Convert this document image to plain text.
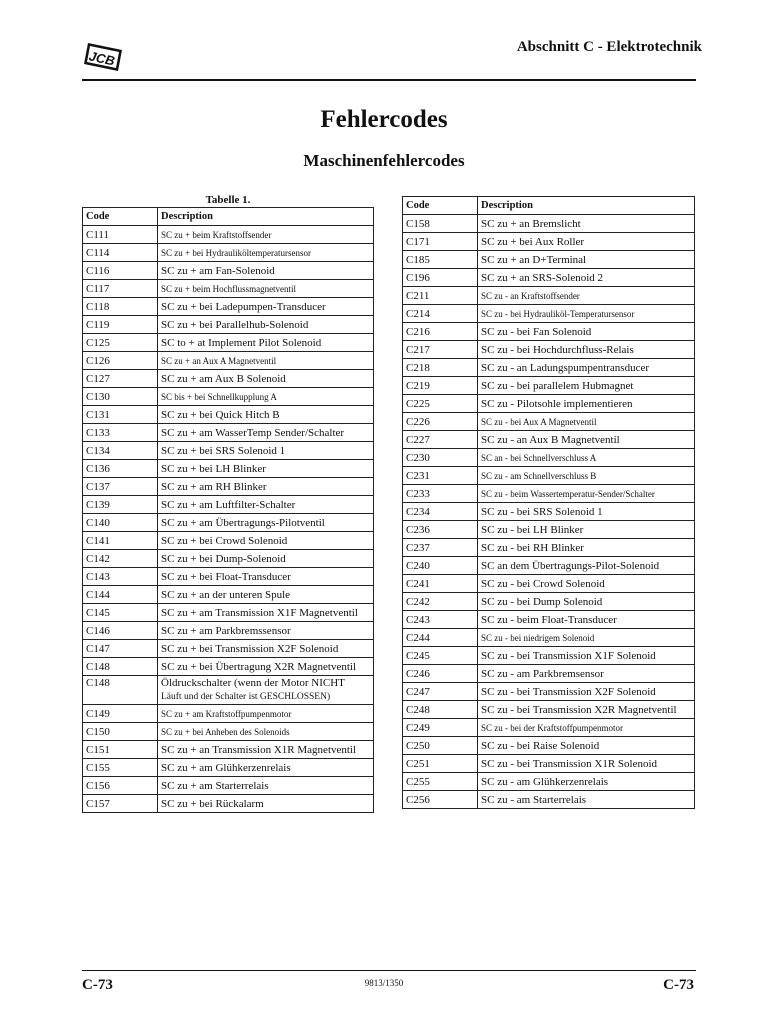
JCB
Abschnitt C - Elektrotechnik
Fehlercodes
Maschinenfehlercodes
Tabelle 1.
Code	Description
C111	SC zu + beim Kraftstoffsender
C114	SC zu + bei Hydrauliköltemperatursensor
C116	SC zu + am Fan-Solenoid
C117	SC zu + beim Hochflussmagnetventil
C118	SC zu + bei Ladepumpen-Transducer
C119	SC zu + bei Parallelhub-Solenoid
C125	SC to + at Implement Pilot Solenoid
C126	SC zu + an Aux A Magnetventil
C127	SC zu + am Aux B Solenoid
C130	SC bis + bei Schnellkupplung A
C131	SC zu + bei Quick Hitch B
C133	SC zu + am WasserTemp Sender/Schalter
C134	SC zu + bei SRS Solenoid 1
C136	SC zu + bei LH Blinker
C137	SC zu + am RH Blinker
C139	SC zu + am Luftfilter-Schalter
C140	SC zu + am Übertragungs-Pilotventil
C141	SC zu + bei Crowd Solenoid
C142	SC zu + bei Dump-Solenoid
C143	SC zu + bei Float-Transducer
C144	SC zu + an der unteren Spule
C145	SC zu + am Transmission X1F Magnetventil
C146	SC zu + am Parkbremssensor
C147	SC zu + bei Transmission X2F Solenoid
C148	SC zu + bei Übertragung X2R Magnetventil
C148	Öldruckschalter (wenn der Motor NICHT
Läuft und der Schalter ist GESCHLOSSEN)

C149	SC zu + am Kraftstoffpumpenmotor
C150	SC zu + bei Anheben des Solenoids
C151	SC zu + an Transmission X1R Magnetventil
C155	SC zu + am Glühkerzenrelais
C156	SC zu + am Starterrelais
C157	SC zu + bei Rückalarm
Code	Description
C158	SC zu + an Bremslicht
C171	SC zu + bei Aux Roller
C185	SC zu + an D+Terminal
C196	SC zu + an SRS-Solenoid 2
C211	SC zu - an Kraftstoffsender
C214	SC zu - bei Hydrauliköl-Temperatursensor
C216	SC zu - bei Fan Solenoid
C217	SC zu - bei Hochdurchfluss-Relais
C218	SC zu - an Ladungspumpentransducer
C219	SC zu - bei parallelem Hubmagnet
C225	SC zu - Pilotsohle implementieren
C226	SC zu - bei Aux A Magnetventil
C227	SC zu - an Aux B Magnetventil
C230	SC an - bei Schnellverschluss A
C231	SC zu - am Schnellverschluss B
C233	SC zu - beim Wassertemperatur-Sender/Schalter
C234	SC zu - bei SRS Solenoid 1
C236	SC zu - bei LH Blinker
C237	SC zu - bei RH Blinker
C240	SC an dem Übertragungs-Pilot-Solenoid
C241	SC zu - bei Crowd Solenoid
C242	SC zu - bei Dump Solenoid
C243	SC zu - beim Float-Transducer
C244	SC zu - bei niedrigem Solenoid
C245	SC zu - bei Transmission X1F Solenoid
C246	SC zu - am Parkbremsensor
C247	SC zu - bei Transmission X2F Solenoid
C248	SC zu - bei Transmission X2R Magnetventil
C249	SC zu - bei der Kraftstoffpumpenmotor
C250	SC zu - bei Raise Solenoid
C251	SC zu - bei Transmission X1R Solenoid
C255	SC zu - am Glühkerzenrelais
C256	SC zu - am Starterrelais
C-73	9813/1350	C-73
